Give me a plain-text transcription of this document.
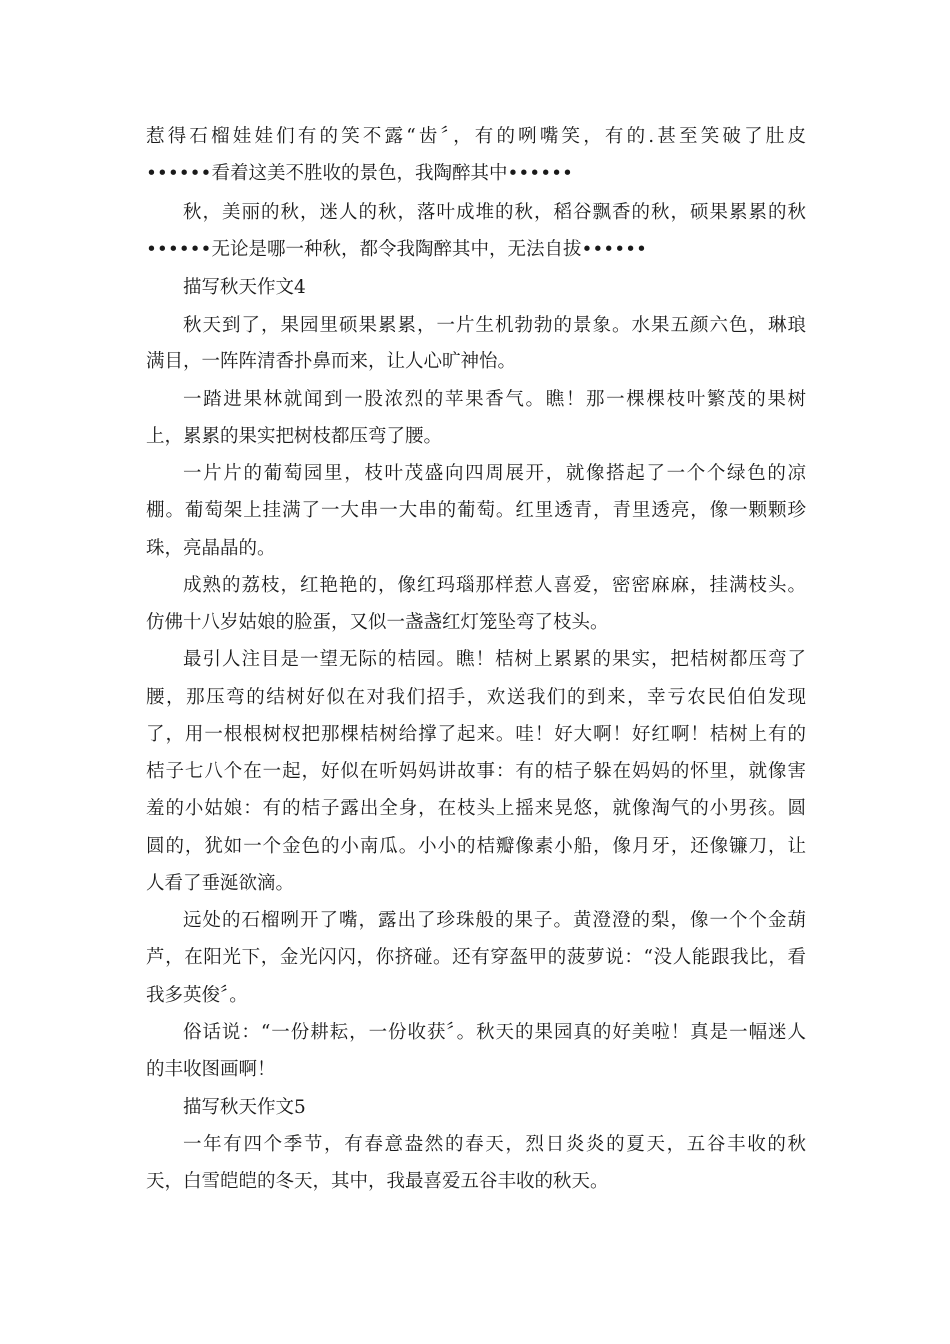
惹得石榴娃娃们有的笑不露“齿〞，有的咧嘴笑，有的.甚至笑破了肚皮
••••••看着这美不胜收的景色，我陶醉其中••••••
秋，美丽的秋，迷人的秋，落叶成堆的秋，稻谷飘香的秋，硕果累累的秋
••••••无论是哪一种秋，都令我陶醉其中，无法自拔••••••
描写秋天作文4
秋天到了，果园里硕果累累，一片生机勃勃的景象。水果五颜六色，琳琅
满目，一阵阵清香扑鼻而来，让人心旷神怡。
一踏进果林就闻到一股浓烈的苹果香气。瞧！那一棵棵枝叶繁茂的果树
上，累累的果实把树枝都压弯了腰。
一片片的葡萄园里，枝叶茂盛向四周展开，就像搭起了一个个绿色的凉
棚。葡萄架上挂满了一大串一大串的葡萄。红里透青，青里透亮，像一颗颗珍
珠，亮晶晶的。
成熟的荔枝，红艳艳的，像红玛瑙那样惹人喜爱，密密麻麻，挂满枝头。
仿佛十八岁姑娘的脸蛋，又似一盏盏红灯笼坠弯了枝头。
最引人注目是一望无际的桔园。瞧！桔树上累累的果实，把桔树都压弯了
腰，那压弯的结树好似在对我们招手，欢送我们的到来，幸亏农民伯伯发现
了，用一根根树杈把那棵桔树给撑了起来。哇！好大啊！好红啊！桔树上有的
桔子七八个在一起，好似在听妈妈讲故事：有的桔子躲在妈妈的怀里，就像害
羞的小姑娘：有的桔子露出全身，在枝头上摇来晃悠，就像淘气的小男孩。圆
圆的，犹如一个金色的小南瓜。小小的桔瓣像素小船，像月牙，还像镰刀，让
人看了垂涎欲滴。
远处的石榴咧开了嘴，露出了珍珠般的果子。黄澄澄的梨，像一个个金葫
芦，在阳光下，金光闪闪，你挤碰。还有穿盔甲的菠萝说：“没人能跟我比，看
我多英俊〞。
俗话说：“一份耕耘，一份收获〞。秋天的果园真的好美啦！真是一幅迷人
的丰收图画啊！
描写秋天作文5
一年有四个季节，有春意盎然的春天，烈日炎炎的夏天，五谷丰收的秋
天，白雪皑皑的冬天，其中，我最喜爱五谷丰收的秋天。
